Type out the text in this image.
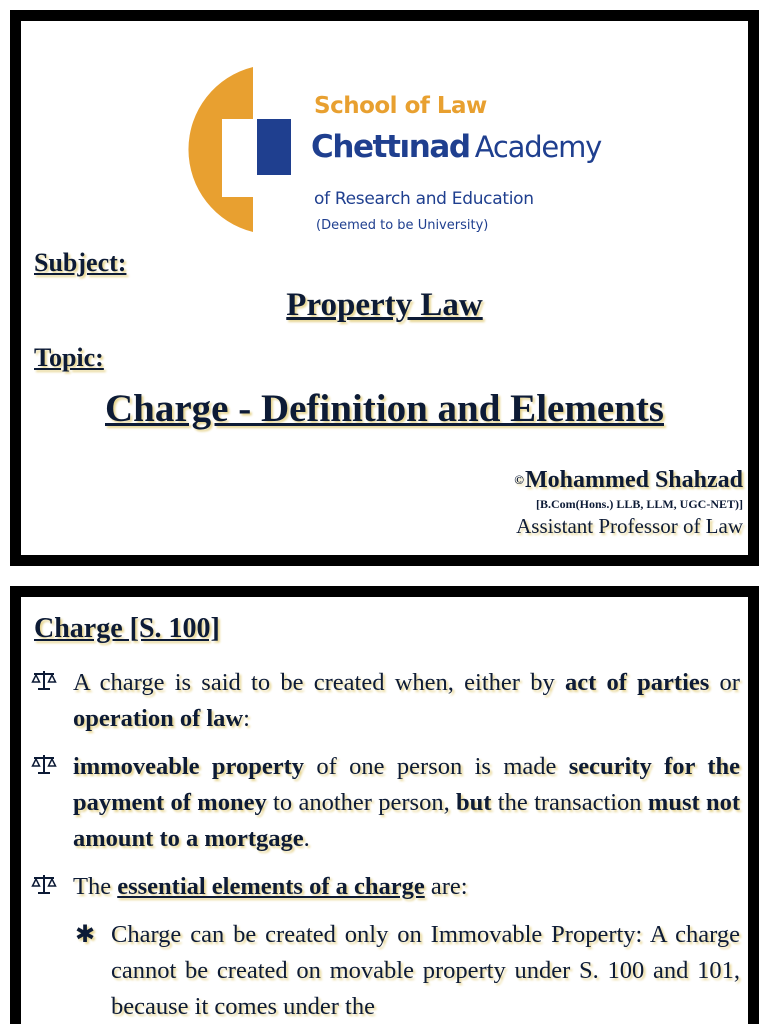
School of Law
Chettınad Academy
of Research and Education
(Deemed to be University)
Subject:
Property Law
Topic:
Charge - Definition and Elements
©Mohammed Shahzad
[B.Com(Hons.) LLB, LLM, UGC-NET)]
Assistant Professor of Law
Charge [S. 100]
A charge is said to be created when, either by act of parties or operation of law:
immoveable property of one person is made security for the payment of money to another person, but the transaction must not amount to a mortgage.
The essential elements of a charge are:
✱ Charge can be created only on Immovable Property: A charge cannot be created on movable property under S. 100 and 101, because it comes under the
